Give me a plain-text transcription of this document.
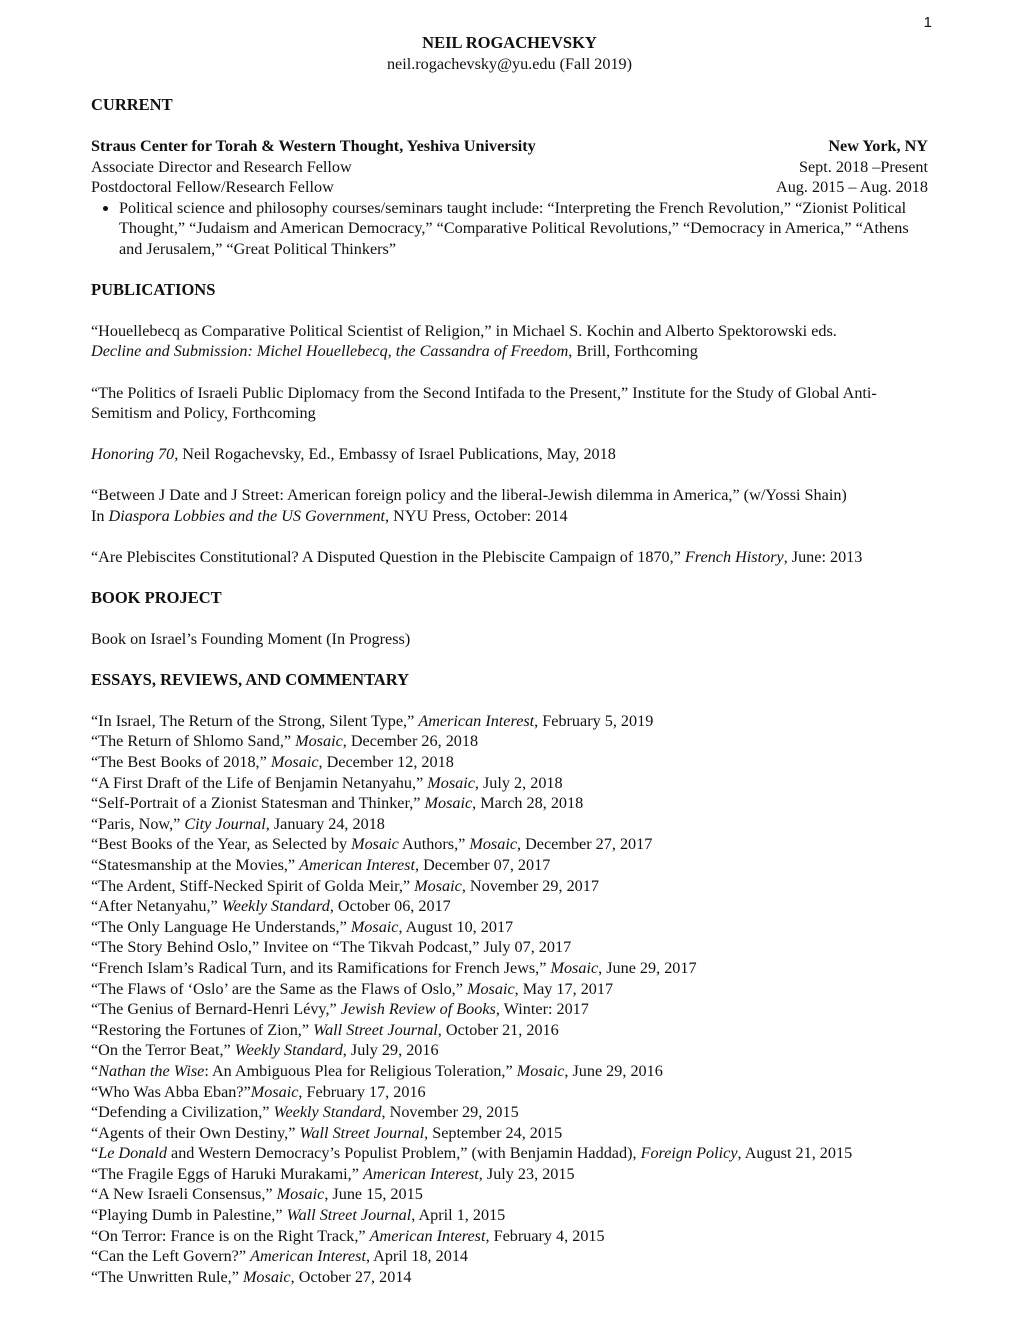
1
NEIL ROGACHEVSKY
neil.rogachevsky@yu.edu (Fall 2019)
CURRENT
Straus Center for Torah & Western Thought, Yeshiva University	New York, NY
Associate Director and Research Fellow	Sept. 2018 –Present
Postdoctoral Fellow/Research Fellow	Aug. 2015 – Aug. 2018
• Political science and philosophy courses/seminars taught include: “Interpreting the French Revolution,” “Zionist Political Thought,” “Judaism and American Democracy,” “Comparative Political Revolutions,” “Democracy in America,” “Athens and Jerusalem,” “Great Political Thinkers”
PUBLICATIONS
“Houellebecq as Comparative Political Scientist of Religion,” in Michael S. Kochin and Alberto Spektorowski eds.
Decline and Submission: Michel Houellebecq, the Cassandra of Freedom, Brill, Forthcoming
“The Politics of Israeli Public Diplomacy from the Second Intifada to the Present,” Institute for the Study of Global Anti-Semitism and Policy, Forthcoming
Honoring 70, Neil Rogachevsky, Ed., Embassy of Israel Publications, May, 2018
“Between J Date and J Street: American foreign policy and the liberal-Jewish dilemma in America,” (w/Yossi Shain)
In Diaspora Lobbies and the US Government, NYU Press, October: 2014
“Are Plebiscites Constitutional? A Disputed Question in the Plebiscite Campaign of 1870,” French History, June: 2013
BOOK PROJECT
Book on Israel’s Founding Moment (In Progress)
ESSAYS, REVIEWS, AND COMMENTARY
“In Israel, The Return of the Strong, Silent Type,” American Interest, February 5, 2019
“The Return of Shlomo Sand,” Mosaic, December 26, 2018
“The Best Books of 2018,” Mosaic, December 12, 2018
“A First Draft of the Life of Benjamin Netanyahu,” Mosaic, July 2, 2018
“Self-Portrait of a Zionist Statesman and Thinker,” Mosaic, March 28, 2018
“Paris, Now,” City Journal, January 24, 2018
“Best Books of the Year, as Selected by Mosaic Authors,” Mosaic, December 27, 2017
“Statesmanship at the Movies,” American Interest, December 07, 2017
“The Ardent, Stiff-Necked Spirit of Golda Meir,” Mosaic, November 29, 2017
“After Netanyahu,” Weekly Standard, October 06, 2017
“The Only Language He Understands,” Mosaic, August 10, 2017
“The Story Behind Oslo,” Invitee on “The Tikvah Podcast,” July 07, 2017
“French Islam’s Radical Turn, and its Ramifications for French Jews,” Mosaic, June 29, 2017
“The Flaws of ‘Oslo’ are the Same as the Flaws of Oslo,” Mosaic, May 17, 2017
“The Genius of Bernard-Henri Lévy,” Jewish Review of Books, Winter: 2017
“Restoring the Fortunes of Zion,” Wall Street Journal, October 21, 2016
“On the Terror Beat,” Weekly Standard, July 29, 2016
“Nathan the Wise: An Ambiguous Plea for Religious Toleration,” Mosaic, June 29, 2016
“Who Was Abba Eban?”Mosaic, February 17, 2016
“Defending a Civilization,” Weekly Standard, November 29, 2015
“Agents of their Own Destiny,” Wall Street Journal, September 24, 2015
“Le Donald and Western Democracy’s Populist Problem,” (with Benjamin Haddad), Foreign Policy, August 21, 2015
“The Fragile Eggs of Haruki Murakami,” American Interest, July 23, 2015
“A New Israeli Consensus,” Mosaic, June 15, 2015
“Playing Dumb in Palestine,” Wall Street Journal, April 1, 2015
“On Terror: France is on the Right Track,” American Interest, February 4, 2015
“Can the Left Govern?” American Interest, April 18, 2014
“The Unwritten Rule,” Mosaic, October 27, 2014
